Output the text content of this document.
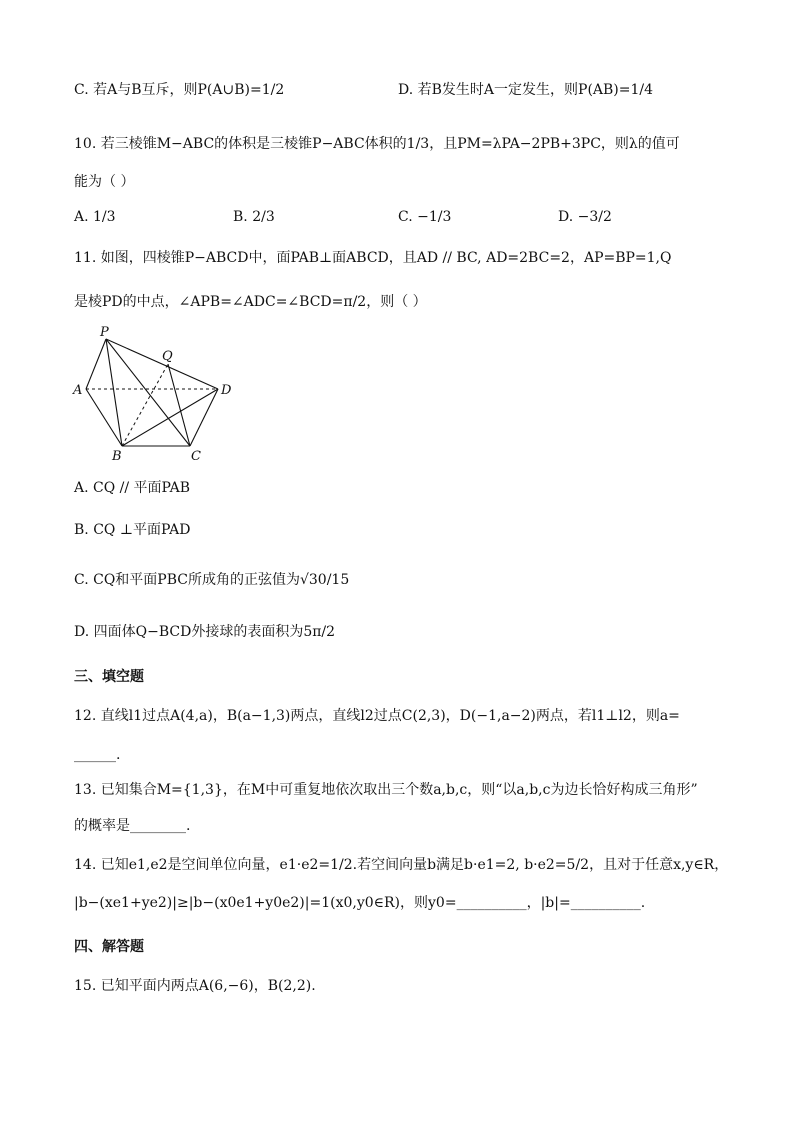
C. 若A与B互斥，则P(A∪B)=1/2	D. 若B发生时A一定发生，则P(AB)=1/4
10. 若三棱锥M−ABC的体积是三棱锥P−ABC体积的1/3，且PM=λPA−2PB+3PC，则λ的值可
能为（ ）
A. 1/3	B. 2/3	C. −1/3	D. −3/2
11. 如图，四棱锥P−ABCD中，面PAB⊥面ABCD，且AD // BC, AD=2BC=2，AP=BP=1,Q
是棱PD的中点，∠APB=∠ADC=∠BCD=π/2，则（ ）
P
Q
A	D
B	C
A. CQ // 平面PAB
B. CQ ⊥平面PAD
C. CQ和平面PBC所成角的正弦值为√30/15
D. 四面体Q−BCD外接球的表面积为5π/2
三、填空题
12. 直线l1过点A(4,a)，B(a−1,3)两点，直线l2过点C(2,3)，D(−1,a−2)两点，若l1⊥l2，则a=
______.
13. 已知集合M={1,3}，在M中可重复地依次取出三个数a,b,c，则“以a,b,c为边长恰好构成三角形”
的概率是________.
14. 已知e1,e2是空间单位向量，e1·e2=1/2.若空间向量b满足b·e1=2, b·e2=5/2，且对于任意x,y∈R，
|b−(xe1+ye2)|≥|b−(x0e1+y0e2)|=1(x0,y0∈R)，则y0=__________，|b|=__________.
四、解答题
15. 已知平面内两点A(6,−6)，B(2,2).
